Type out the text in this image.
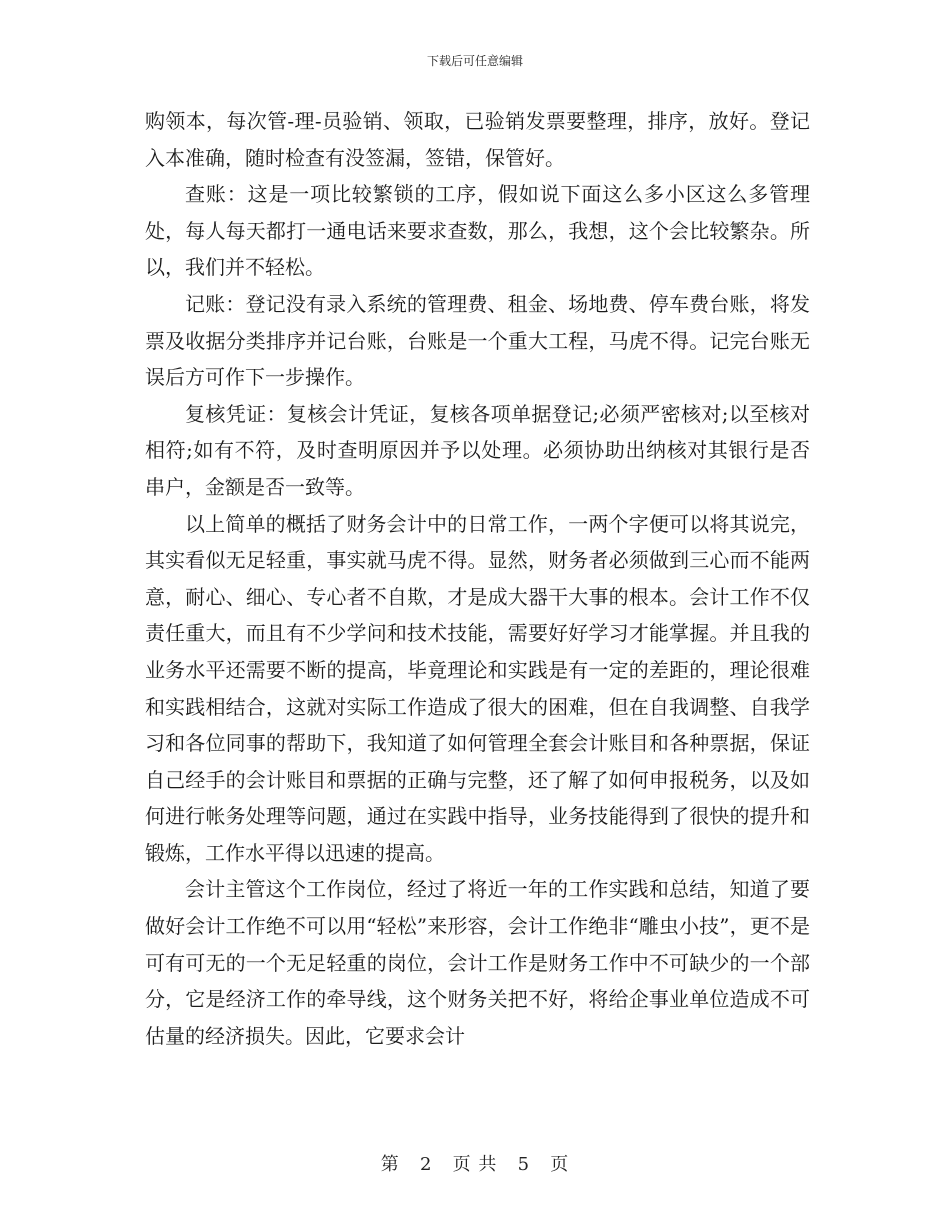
下载后可任意编辑

购领本，每次管-理-员验销、领取，已验销发票要整理，排序，放好。登记入本准确，随时检查有没签漏，签错，保管好。

查账：这是一项比较繁锁的工序，假如说下面这么多小区这么多管理处，每人每天都打一通电话来要求查数，那么，我想，这个会比较繁杂。所以，我们并不轻松。

记账：登记没有录入系统的管理费、租金、场地费、停车费台账，将发票及收据分类排序并记台账，台账是一个重大工程，马虎不得。记完台账无误后方可作下一步操作。

复核凭证：复核会计凭证，复核各项单据登记;必须严密核对;以至核对相符;如有不符，及时查明原因并予以处理。必须协助出纳核对其银行是否串户，金额是否一致等。

以上简单的概括了财务会计中的日常工作，一两个字便可以将其说完，其实看似无足轻重，事实就马虎不得。显然，财务者必须做到三心而不能两意，耐心、细心、专心者不自欺，才是成大器干大事的根本。会计工作不仅责任重大，而且有不少学问和技术技能，需要好好学习才能掌握。并且我的业务水平还需要不断的提高，毕竟理论和实践是有一定的差距的，理论很难和实践相结合，这就对实际工作造成了很大的困难，但在自我调整、自我学习和各位同事的帮助下，我知道了如何管理全套会计账目和各种票据，保证自己经手的会计账目和票据的正确与完整，还了解了如何申报税务，以及如何进行帐务处理等问题，通过在实践中指导，业务技能得到了很快的提升和锻炼，工作水平得以迅速的提高。

会计主管这个工作岗位，经过了将近一年的工作实践和总结，知道了要做好会计工作绝不可以用“轻松”来形容，会计工作绝非“雕虫小技”，更不是可有可无的一个无足轻重的岗位，会计工作是财务工作中不可缺少的一个部分，它是经济工作的牵导线，这个财务关把不好，将给企事业单位造成不可估量的经济损失。因此，它要求会计

第 2 页 共 5 页
